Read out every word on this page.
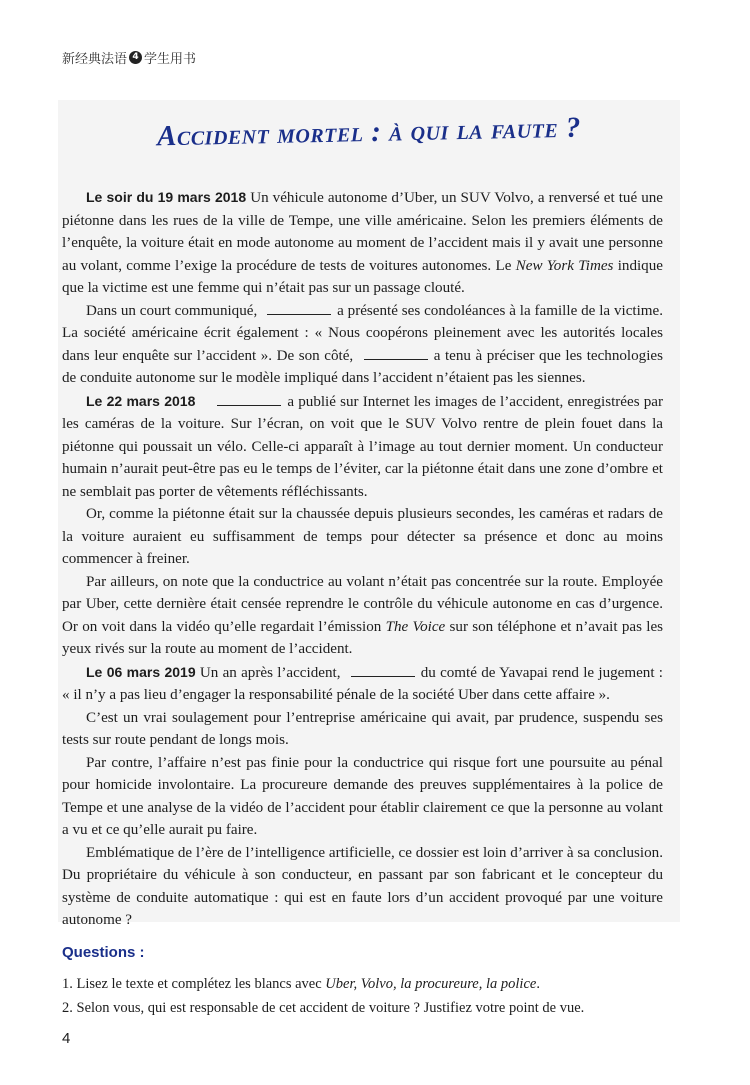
新经典法语 4 学生用书
Accident mortel : à qui la faute ?

Le soir du 19 mars 2018 Un véhicule autonome d’Uber, un SUV Volvo, a renversé et tué une piétonne dans les rues de la ville de Tempe, une ville américaine. Selon les premiers éléments de l’enquête, la voiture était en mode autonome au moment de l’accident mais il y avait une personne au volant, comme l’exige la procédure de tests de voitures autonomes. Le New York Times indique que la victime est une femme qui n’était pas sur un passage clouté.

Dans un court communiqué,	a présenté ses condoléances à la famille de la victime. La société américaine écrit également : « Nous coopérons pleinement avec les autorités locales dans leur enquête sur l’accident ». De son côté,	a tenu à préciser que les technologies de conduite autonome sur le modèle impliqué dans l’accident n’étaient pas les siennes.

Le 22 mars 2018	a publié sur Internet les images de l’accident, enregistrées par les caméras de la voiture. Sur l’écran, on voit que le SUV Volvo rentre de plein fouet dans la piétonne qui poussait un vélo. Celle-ci apparaît à l’image au tout dernier moment. Un conducteur humain n’aurait peut-être pas eu le temps de l’éviter, car la piétonne était dans une zone d’ombre et ne semblait pas porter de vêtements réfléchissants.

Or, comme la piétonne était sur la chaussée depuis plusieurs secondes, les caméras et radars de la voiture auraient eu suffisamment de temps pour détecter sa présence et donc au moins commencer à freiner.

Par ailleurs, on note que la conductrice au volant n’était pas concentrée sur la route. Employée par Uber, cette dernière était censée reprendre le contrôle du véhicule autonome en cas d’urgence. Or on voit dans la vidéo qu’elle regardait l’émission The Voice sur son téléphone et n’avait pas les yeux rivés sur la route au moment de l’accident.

Le 06 mars 2019 Un an après l’accident,	du comté de Yavapai rend le jugement : « il n’y a pas lieu d’engager la responsabilité pénale de la société Uber dans cette affaire ».

C’est un vrai soulagement pour l’entreprise américaine qui avait, par prudence, suspendu ses tests sur route pendant de longs mois.

Par contre, l’affaire n’est pas finie pour la conductrice qui risque fort une poursuite au pénal pour homicide involontaire. La procureure demande des preuves supplémentaires à la police de Tempe et une analyse de la vidéo de l’accident pour établir clairement ce que la personne au volant a vu et ce qu’elle aurait pu faire.

Emblématique de l’ère de l’intelligence artificielle, ce dossier est loin d’arriver à sa conclusion. Du propriétaire du véhicule à son conducteur, en passant par son fabricant et le concepteur du système de conduite automatique : qui est en faute lors d’un accident provoqué par une voiture autonome ?

Questions :
1. Lisez le texte et complétez les blancs avec Uber, Volvo, la procureure, la police.
2. Selon vous, qui est responsable de cet accident de voiture ? Justifiez votre point de vue.
4
